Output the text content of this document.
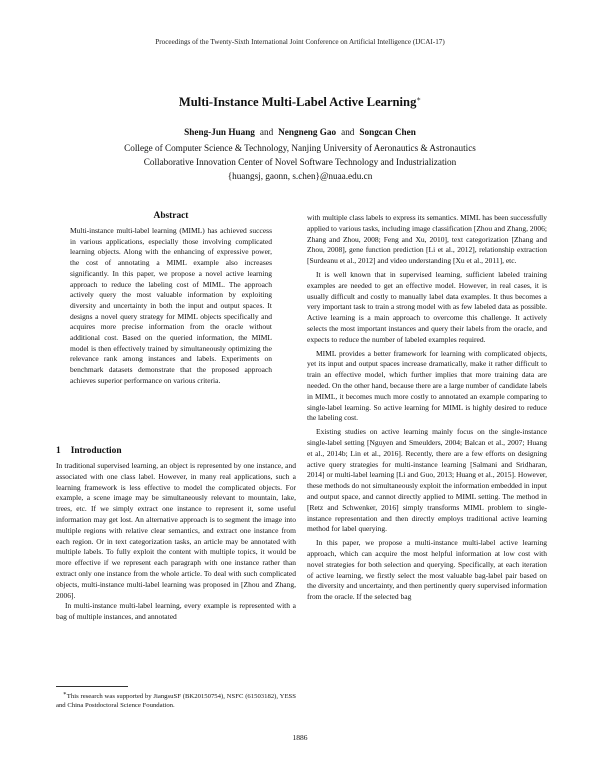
Proceedings of the Twenty-Sixth International Joint Conference on Artificial Intelligence (IJCAI-17)
Multi-Instance Multi-Label Active Learning∗
Sheng-Jun Huang and Nengneng Gao and Songcan Chen
College of Computer Science & Technology, Nanjing University of Aeronautics & Astronautics
Collaborative Innovation Center of Novel Software Technology and Industrialization
{huangsj, gaonn, s.chen}@nuaa.edu.cn
Abstract
Multi-instance multi-label learning (MIML) has achieved success in various applications, especially those involving complicated learning objects. Along with the enhancing of expressive power, the cost of annotating a MIML example also increases significantly. In this paper, we propose a novel active learning approach to reduce the labeling cost of MIML. The approach actively query the most valuable information by exploiting diversity and uncertainty in both the input and output spaces. It designs a novel query strategy for MIML objects specifically and acquires more precise information from the oracle without additional cost. Based on the queried information, the MIML model is then effectively trained by simultaneously optimizing the relevance rank among instances and labels. Experiments on benchmark datasets demonstrate that the proposed approach achieves superior performance on various criteria.
1 Introduction

In traditional supervised learning, an object is represented by one instance, and associated with one class label. However, in many real applications, such a learning framework is less effective to model the complicated objects. For example, a scene image may be simultaneously relevant to mountain, lake, trees, etc. If we simply extract one instance to represent it, some useful information may get lost. An alternative approach is to segment the image into multiple regions with relative clear semantics, and extract one instance from each region. Or in text categorization tasks, an article may be annotated with multiple labels. To fully exploit the content with multiple topics, it would be more effective if we represent each paragraph with one instance rather than extract only one instance from the whole article. To deal with such complicated objects, multi-instance multi-label learning was proposed in [Zhou and Zhang, 2006].

In multi-instance multi-label learning, every example is represented with a bag of multiple instances, and annotated

∗This research was supported by JiangsuSF (BK20150754), NSFC (61503182), YESS and China Postdoctoral Science Foundation.

with multiple class labels to express its semantics. MIML has been successfully applied to various tasks, including image classification [Zhou and Zhang, 2006; Zhang and Zhou, 2008; Feng and Xu, 2010], text categorization [Zhang and Zhou, 2008], gene function prediction [Li et al., 2012], relationship extraction [Surdeanu et al., 2012] and video understanding [Xu et al., 2011], etc.

It is well known that in supervised learning, sufficient labeled training examples are needed to get an effective model. However, in real cases, it is usually difficult and costly to manually label data examples. It thus becomes a very important task to train a strong model with as few labeled data as possible. Active learning is a main approach to overcome this challenge. It actively selects the most important instances and query their labels from the oracle, and expects to reduce the number of labeled examples required.

MIML provides a better framework for learning with complicated objects, yet its input and output spaces increase dramatically, make it rather difficult to train an effective model, which further implies that more training data are needed. On the other hand, because there are a large number of candidate labels in MIML, it becomes much more costly to annotated an example comparing to single-label learning. So active learning for MIML is highly desired to reduce the labeling cost.

Existing studies on active learning mainly focus on the single-instance single-label setting [Nguyen and Smeulders, 2004; Balcan et al., 2007; Huang et al., 2014b; Lin et al., 2016]. Recently, there are a few efforts on designing active query strategies for multi-instance learning [Salmani and Sridharan, 2014] or multi-label learning [Li and Guo, 2013; Huang et al., 2015]. However, these methods do not simultaneously exploit the information embedded in input and output space, and cannot directly applied to MIML setting. The method in [Retz and Schwenker, 2016] simply transforms MIML problem to single-instance representation and then directly employs traditional active learning method for label querying.

In this paper, we propose a multi-instance multi-label active learning approach, which can acquire the most helpful information at low cost with novel strategies for both selection and querying. Specifically, at each iteration of active learning, we firstly select the most valuable bag-label pair based on the diversity and uncertainty, and then pertinently query supervised information from the oracle. If the selected bag

1886
